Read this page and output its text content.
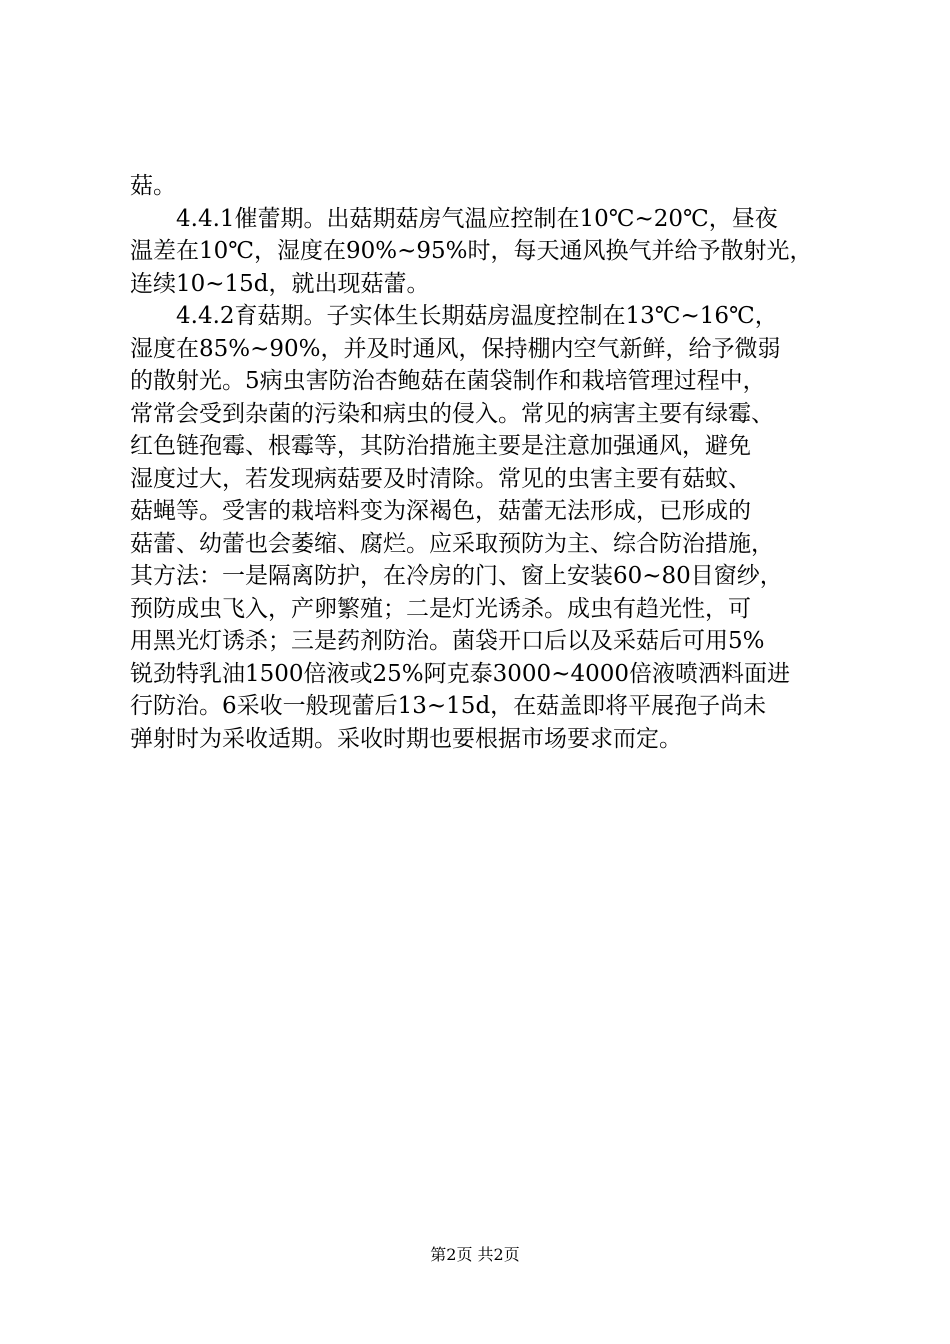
菇。

4.4.1催蕾期。出菇期菇房气温应控制在10℃~20℃，昼夜
温差在10℃，湿度在90%~95%时，每天通风换气并给予散射光，
连续10~15d，就出现菇蕾。

4.4.2育菇期。子实体生长期菇房温度控制在13℃~16℃，
湿度在85%~90%，并及时通风，保持棚内空气新鲜，给予微弱
的散射光。5病虫害防治杏鲍菇在菌袋制作和栽培管理过程中，
常常会受到杂菌的污染和病虫的侵入。常见的病害主要有绿霉、
红色链孢霉、根霉等，其防治措施主要是注意加强通风，避免
湿度过大，若发现病菇要及时清除。常见的虫害主要有菇蚊、
菇蝇等。受害的栽培料变为深褐色，菇蕾无法形成，已形成的
菇蕾、幼蕾也会萎缩、腐烂。应采取预防为主、综合防治措施，
其方法：一是隔离防护，在冷房的门、窗上安装60~80目窗纱，
预防成虫飞入，产卵繁殖；二是灯光诱杀。成虫有趋光性，可
用黑光灯诱杀；三是药剂防治。菌袋开口后以及采菇后可用5%
锐劲特乳油1500倍液或25%阿克泰3000~4000倍液喷洒料面进
行防治。6采收一般现蕾后13~15d，在菇盖即将平展孢子尚未
弹射时为采收适期。采收时期也要根据市场要求而定。

第2页 共2页
